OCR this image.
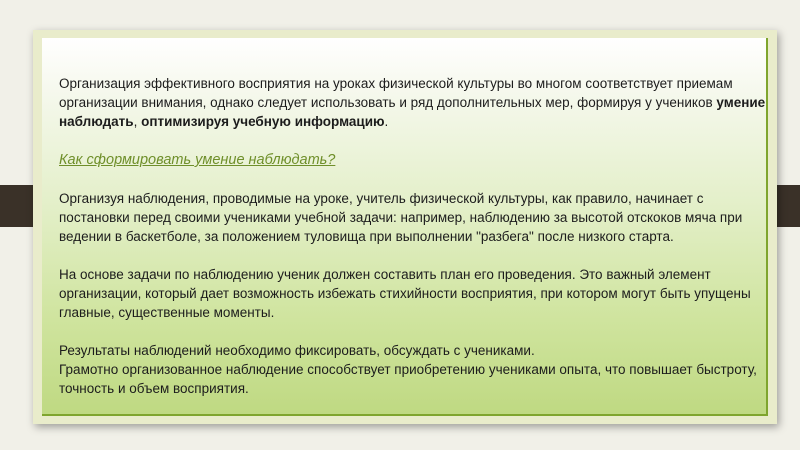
Организация эффективного восприятия на уроках физической культуры во многом соответствует приемам организации внимания, однако следует использовать и ряд дополнительных мер, формируя у учеников умение наблюдать, оптимизируя учебную информацию.

Как сформировать умение наблюдать?

Организуя наблюдения, проводимые на уроке, учитель физической культуры, как правило, начинает с постановки перед своими учениками учебной задачи: например, наблюдению за высотой отскоков мяча при ведении в баскетболе, за положением туловища при выполнении "разбега" после низкого старта.

На основе задачи по наблюдению ученик должен составить план его проведения. Это важный элемент организации, который дает возможность избежать стихийности восприятия, при котором могут быть упущены главные, существенные моменты.

Результаты наблюдений необходимо фиксировать, обсуждать с учениками.

Грамотно организованное наблюдение способствует приобретению учениками опыта, что повышает быстроту, точность и объем восприятия.
